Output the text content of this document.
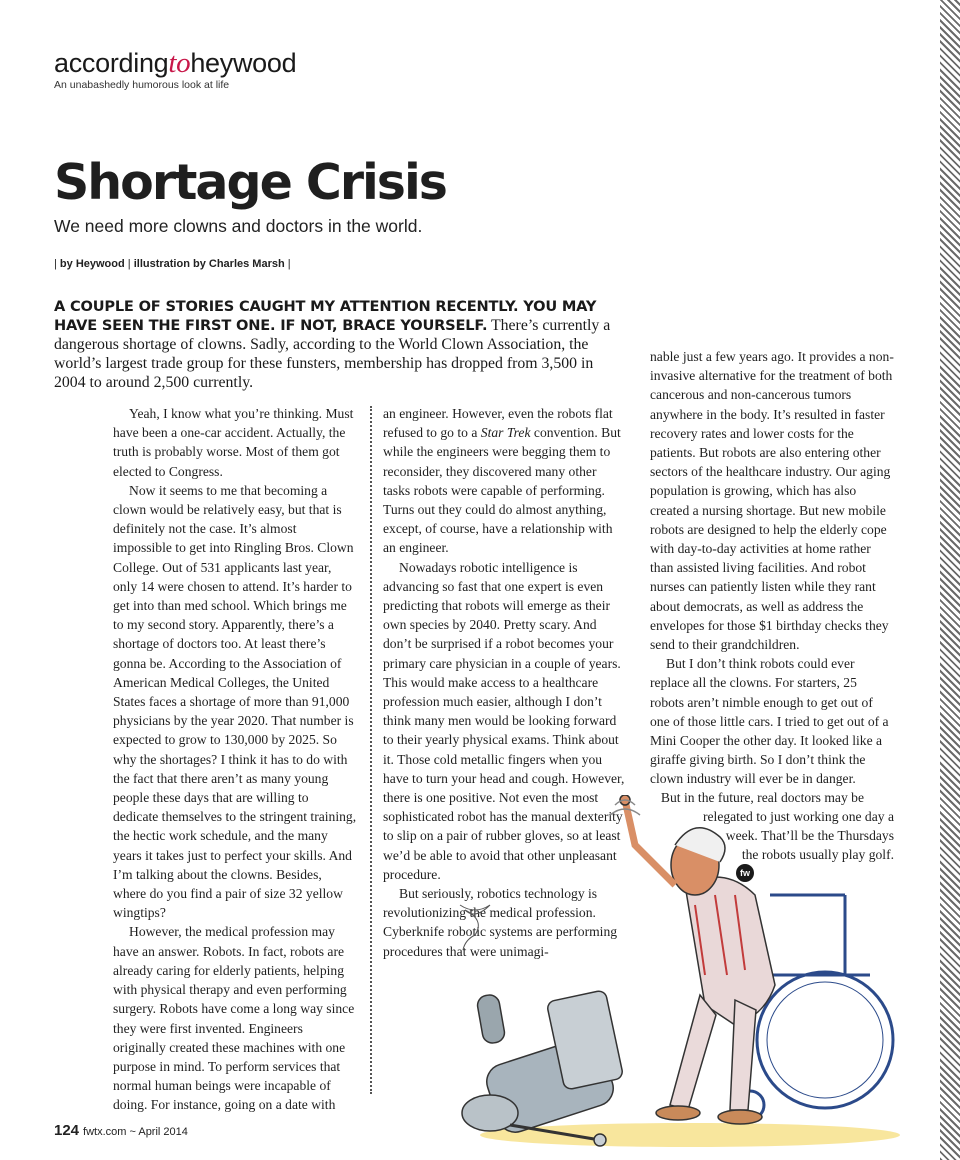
accordingtoheywood
An unabashedly humorous look at life
Shortage Crisis
We need more clowns and doctors in the world.
| by Heywood | illustration by Charles Marsh |
A COUPLE OF STORIES CAUGHT MY ATTENTION RECENTLY. YOU MAY HAVE SEEN THE FIRST ONE. IF NOT, BRACE YOURSELF. There’s currently a dangerous shortage of clowns. Sadly, according to the World Clown Association, the world’s largest trade group for these funsters, membership has dropped from 3,500 in 2004 to around 2,500 currently.

Yeah, I know what you’re thinking. Must have been a one-car accident. Actually, the truth is probably worse. Most of them got elected to Congress.

Now it seems to me that becoming a clown would be relatively easy, but that is definitely not the case. It’s almost impossible to get into Ringling Bros. Clown College. Out of 531 applicants last year, only 14 were chosen to attend. It’s harder to get into than med school. Which brings me to my second story. Apparently, there’s a shortage of doctors too. At least there’s gonna be. According to the Association of American Medical Colleges, the United States faces a shortage of more than 91,000 physicians by the year 2020. That number is expected to grow to 130,000 by 2025. So why the shortages? I think it has to do with the fact that there aren’t as many young people these days that are willing to dedicate themselves to the stringent training, the hectic work schedule, and the many years it takes just to perfect your skills. And I’m talking about the clowns. Besides, where do you find a pair of size 32 yellow wingtips?

However, the medical profession may have an answer. Robots. In fact, robots are already caring for elderly patients, helping with physical therapy and even performing surgery. Robots have come a long way since they were first invented. Engineers originally created these machines with one purpose in mind. To perform services that normal human beings were incapable of doing. For instance, going on a date with

an engineer. However, even the robots flat refused to go to a Star Trek convention. But while the engineers were begging them to reconsider, they discovered many other tasks robots were capable of performing. Turns out they could do almost anything, except, of course, have a relationship with an engineer.

Nowadays robotic intelligence is advancing so fast that one expert is even predicting that robots will emerge as their own species by 2040. Pretty scary. And don’t be surprised if a robot becomes your primary care physician in a couple of years. This would make access to a healthcare profession much easier, although I don’t think many men would be looking forward to their yearly physical exams. Think about it. Those cold metallic fingers when you have to turn your head and cough. However, there is one positive. Not even the most sophisticated robot has the manual dexterity to slip on a pair of rubber gloves, so at least we’d be able to avoid that other unpleasant procedure.

But seriously, robotics technology is revolutionizing the medical profession. Cyberknife robotic systems are performing procedures that were unimagi-

nable just a few years ago. It provides a non-invasive alternative for the treatment of both cancerous and non-cancerous tumors anywhere in the body. It’s resulted in faster recovery rates and lower costs for the patients. But robots are also entering other sectors of the healthcare industry. Our aging population is growing, which has also created a nursing shortage. But new mobile robots are designed to help the elderly cope with day-to-day activities at home rather than assisted living facilities. And robot nurses can patiently listen while they rant about democrats, as well as address the envelopes for those $1 birthday checks they send to their grandchildren.

But I don’t think robots could ever replace all the clowns. For starters, 25 robots aren’t nimble enough to get out of one of those little cars. I tried to get out of a Mini Cooper the other day. It looked like a giraffe giving birth. So I don’t think the clown industry will ever be in danger.

But in the future, real doctors may be
relegated to just working one day a
week. That’ll be the Thursdays
the robots usually play golf.
fw
124 fwtx.com ~ April 2014
